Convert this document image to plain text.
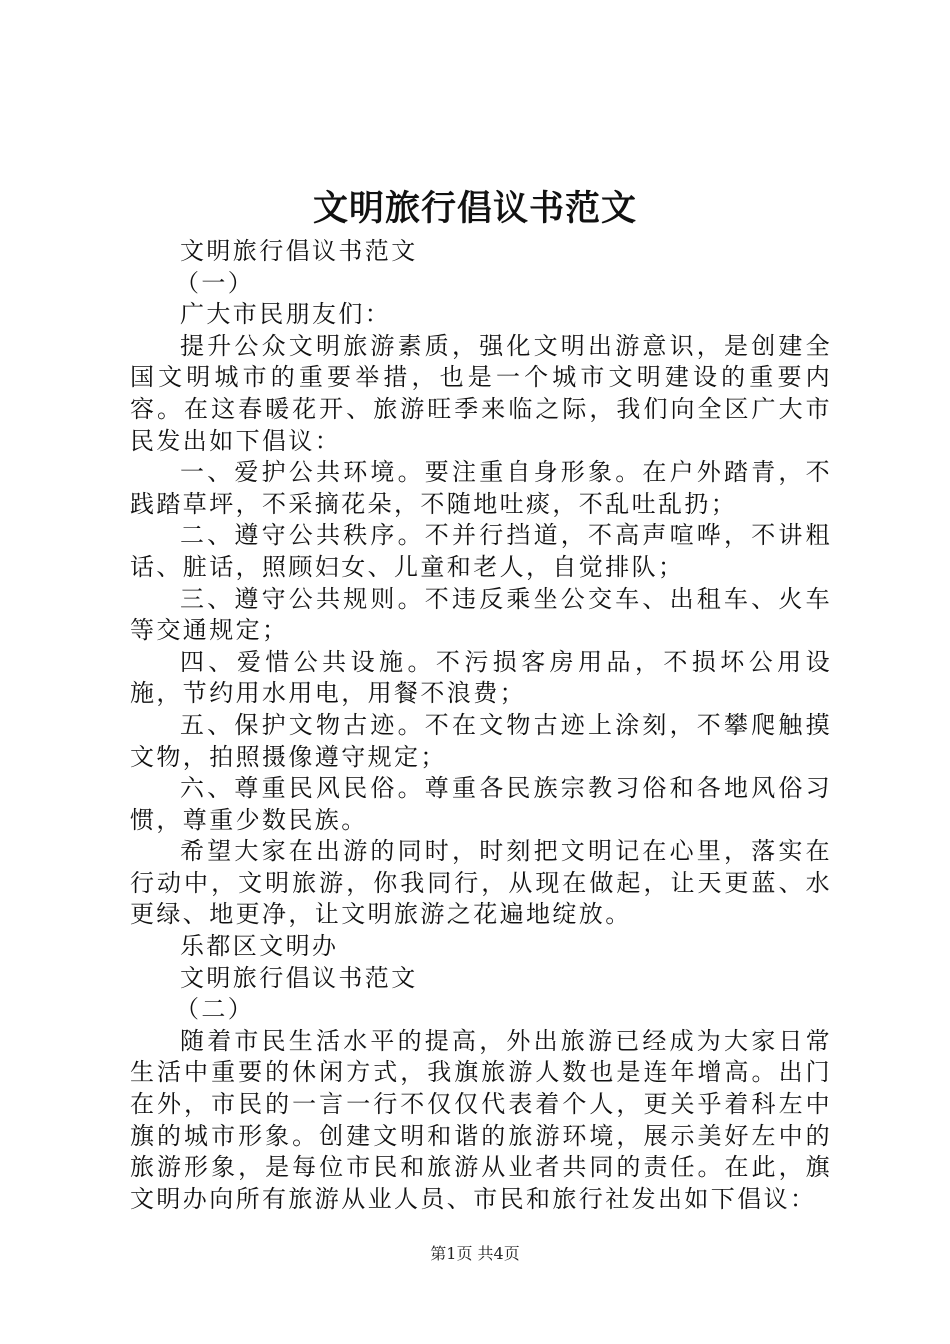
文明旅行倡议书范文

文明旅行倡议书范文

（一）

广大市民朋友们：

提升公众文明旅游素质，强化文明出游意识，是创建全国文明城市的重要举措，也是一个城市文明建设的重要内容。在这春暖花开、旅游旺季来临之际，我们向全区广大市民发出如下倡议：

一、爱护公共环境。要注重自身形象。在户外踏青，不践踏草坪，不采摘花朵，不随地吐痰，不乱吐乱扔；

二、遵守公共秩序。不并行挡道，不高声喧哗，不讲粗话、脏话，照顾妇女、儿童和老人，自觉排队；

三、遵守公共规则。不违反乘坐公交车、出租车、火车等交通规定；

四、爱惜公共设施。不污损客房用品，不损坏公用设施，节约用水用电，用餐不浪费；

五、保护文物古迹。不在文物古迹上涂刻，不攀爬触摸文物，拍照摄像遵守规定；

六、尊重民风民俗。尊重各民族宗教习俗和各地风俗习惯，尊重少数民族。

希望大家在出游的同时，时刻把文明记在心里，落实在行动中，文明旅游，你我同行，从现在做起，让天更蓝、水更绿、地更净，让文明旅游之花遍地绽放。

乐都区文明办

文明旅行倡议书范文

（二）

随着市民生活水平的提高，外出旅游已经成为大家日常生活中重要的休闲方式，我旗旅游人数也是连年增高。出门在外，市民的一言一行不仅仅代表着个人，更关乎着科左中旗的城市形象。创建文明和谐的旅游环境，展示美好左中的旅游形象，是每位市民和旅游从业者共同的责任。在此，旗文明办向所有旅游从业人员、市民和旅行社发出如下倡议：

第1页 共4页
